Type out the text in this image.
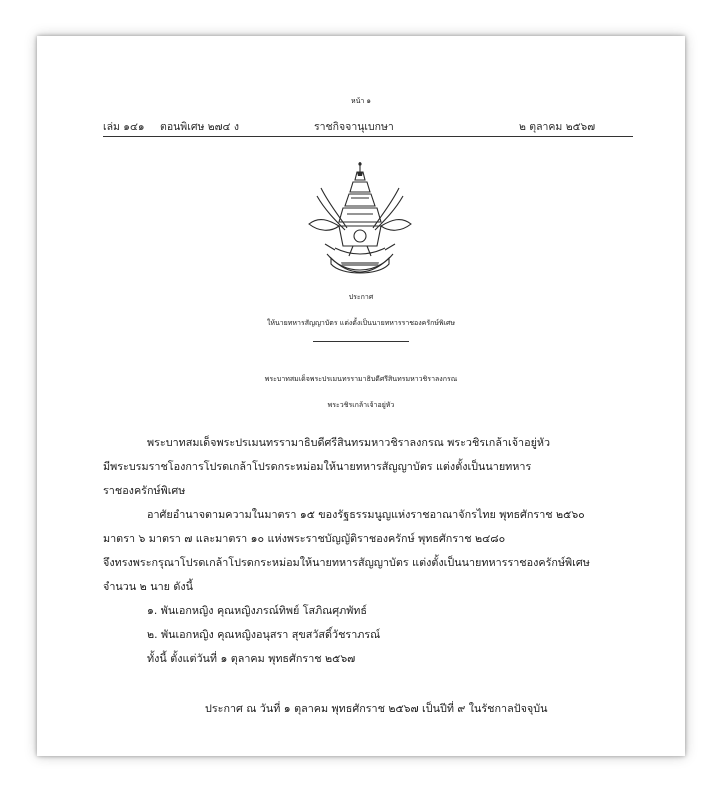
หน้า ๑
เล่ม ๑๔๑ ตอนพิเศษ ๒๗๔ ง	ราชกิจจานุเบกษา	๒ ตุลาคม ๒๕๖๗
ประกาศ
ให้นายทหารสัญญาบัตร แต่งตั้งเป็นนายทหารราชองครักษ์พิเศษ
พระบาทสมเด็จพระปรเมนทรรามาธิบดีศรีสินทรมหาวชิราลงกรณ
พระวชิรเกล้าเจ้าอยู่หัว
พระบาทสมเด็จพระปรเมนทรรามาธิบดีศรีสินทรมหาวชิราลงกรณ พระวชิรเกล้าเจ้าอยู่หัว
มีพระบรมราชโองการโปรดเกล้าโปรดกระหม่อมให้นายทหารสัญญาบัตร แต่งตั้งเป็นนายทหาร
ราชองครักษ์พิเศษ
อาศัยอำนาจตามความในมาตรา ๑๕ ของรัฐธรรมนูญแห่งราชอาณาจักรไทย พุทธศักราช ๒๕๖๐
มาตรา ๖ มาตรา ๗ และมาตรา ๑๐ แห่งพระราชบัญญัติราชองครักษ์ พุทธศักราช ๒๔๘๐
จึงทรงพระกรุณาโปรดเกล้าโปรดกระหม่อมให้นายทหารสัญญาบัตร แต่งตั้งเป็นนายทหารราชองครักษ์พิเศษ
จำนวน ๒ นาย ดังนี้
๑. พันเอกหญิง คุณหญิงภรณ์ทิพย์ โสภิณศุภพัทธ์
๒. พันเอกหญิง คุณหญิงอนุสรา สุขสวัสดิ์วัชราภรณ์
ทั้งนี้ ตั้งแต่วันที่ ๑ ตุลาคม พุทธศักราช ๒๕๖๗
ประกาศ ณ วันที่ ๑ ตุลาคม พุทธศักราช ๒๕๖๗ เป็นปีที่ ๙ ในรัชกาลปัจจุบัน
